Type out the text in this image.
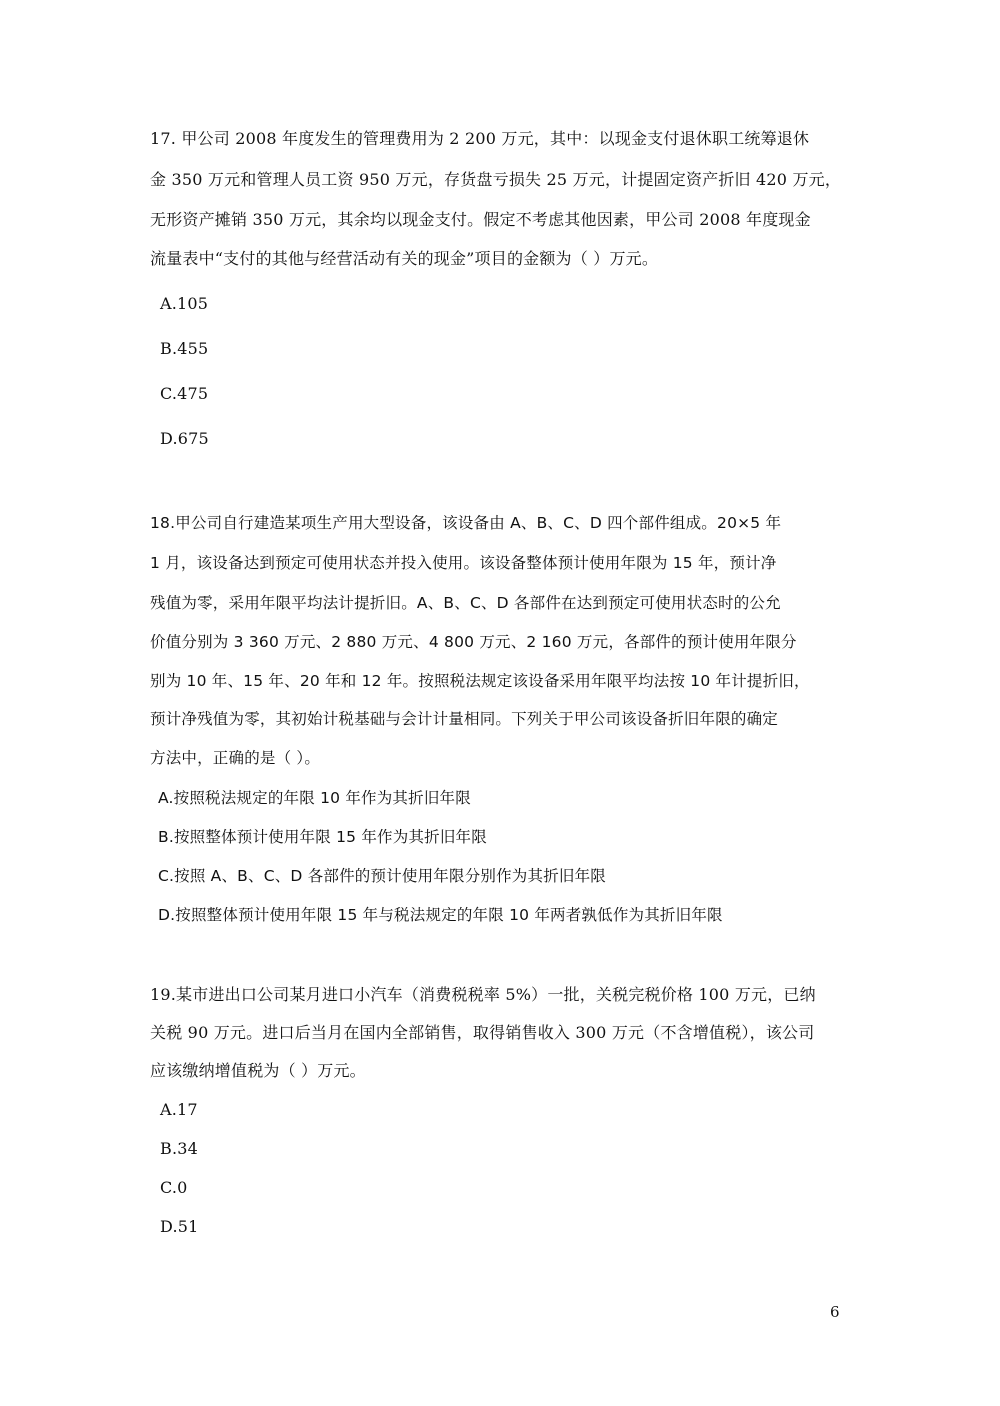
17. 甲公司 2008 年度发生的管理费用为 2 200 万元，其中：以现金支付退休职工统筹退休
金 350 万元和管理人员工资 950 万元，存货盘亏损失 25 万元，计提固定资产折旧 420 万元，
无形资产摊销 350 万元，其余均以现金支付。假定不考虑其他因素，甲公司 2008 年度现金
流量表中“支付的其他与经营活动有关的现金”项目的金额为（ ）万元。
A.105
B.455
C.475
D.675
18.甲公司自行建造某项生产用大型设备，该设备由 A、B、C、D 四个部件组成。20×5 年
1 月，该设备达到预定可使用状态并投入使用。该设备整体预计使用年限为 15 年，预计净
残值为零，采用年限平均法计提折旧。A、B、C、D 各部件在达到预定可使用状态时的公允
价值分别为 3 360 万元、2 880 万元、4 800 万元、2 160 万元，各部件的预计使用年限分
别为 10 年、15 年、20 年和 12 年。按照税法规定该设备采用年限平均法按 10 年计提折旧，
预计净残值为零，其初始计税基础与会计计量相同。下列关于甲公司该设备折旧年限的确定
方法中，正确的是（ ）。
A.按照税法规定的年限 10 年作为其折旧年限
B.按照整体预计使用年限 15 年作为其折旧年限
C.按照 A、B、C、D 各部件的预计使用年限分别作为其折旧年限
D.按照整体预计使用年限 15 年与税法规定的年限 10 年两者孰低作为其折旧年限
19.某市进出口公司某月进口小汽车（消费税税率 5%）一批，关税完税价格 100 万元，已纳
关税 90 万元。进口后当月在国内全部销售，取得销售收入 300 万元（不含增值税），该公司
应该缴纳增值税为（ ）万元。
A.17
B.34
C.0
D.51
6
